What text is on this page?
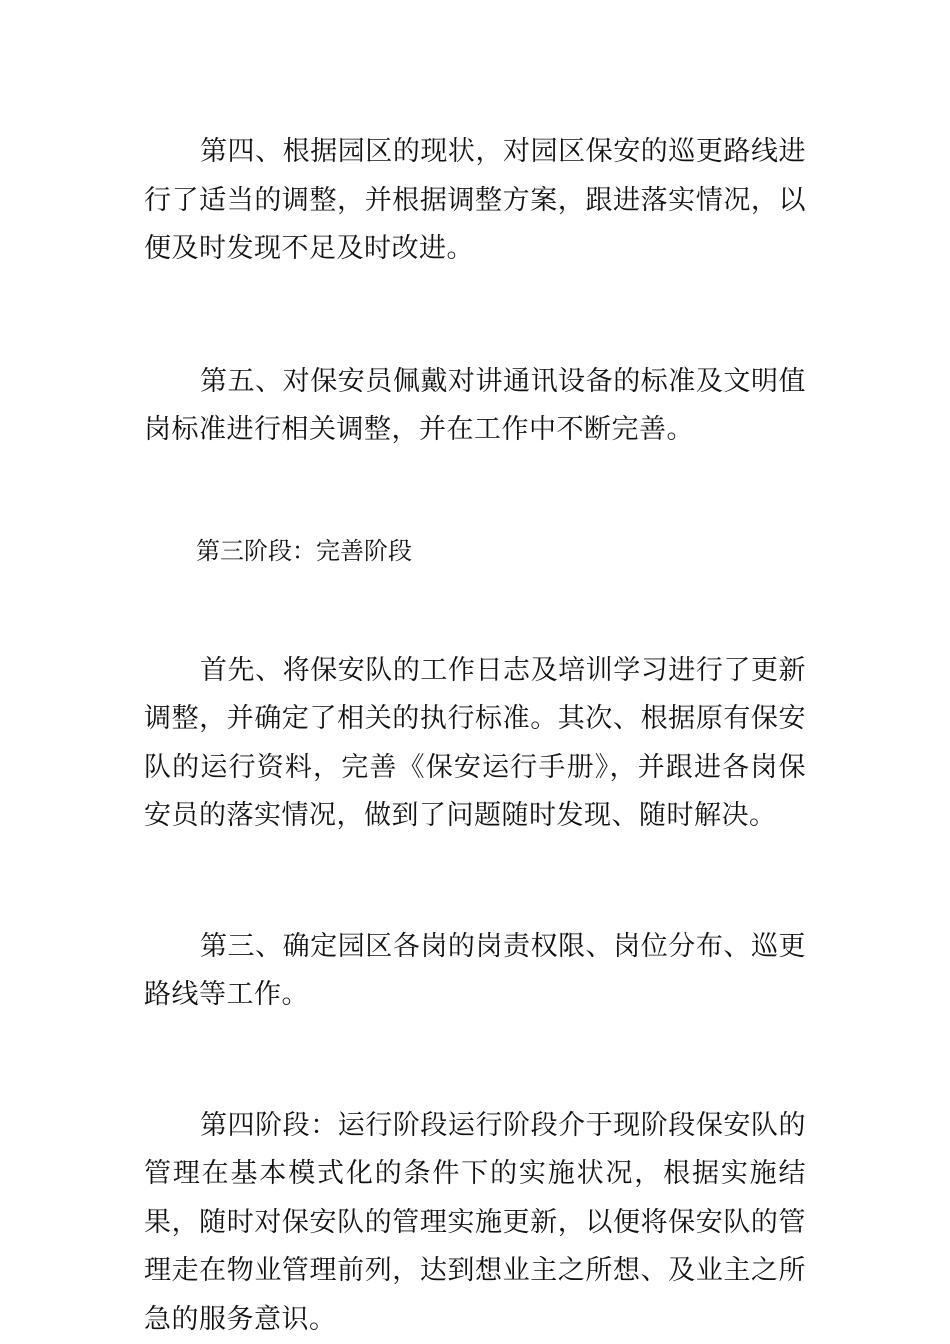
第四、根据园区的现状，对园区保安的巡更路线进行了适当的调整，并根据调整方案，跟进落实情况，以便及时发现不足及时改进。

第五、对保安员佩戴对讲通讯设备的标准及文明值岗标准进行相关调整，并在工作中不断完善。

第三阶段：完善阶段

首先、将保安队的工作日志及培训学习进行了更新调整，并确定了相关的执行标准。其次、根据原有保安队的运行资料，完善《保安运行手册》，并跟进各岗保安员的落实情况，做到了问题随时发现、随时解决。

第三、确定园区各岗的岗责权限、岗位分布、巡更路线等工作。

第四阶段：运行阶段运行阶段介于现阶段保安队的管理在基本模式化的条件下的实施状况，根据实施结果，随时对保安队的管理实施更新，以便将保安队的管理走在物业管理前列，达到想业主之所想、及业主之所急的服务意识。
